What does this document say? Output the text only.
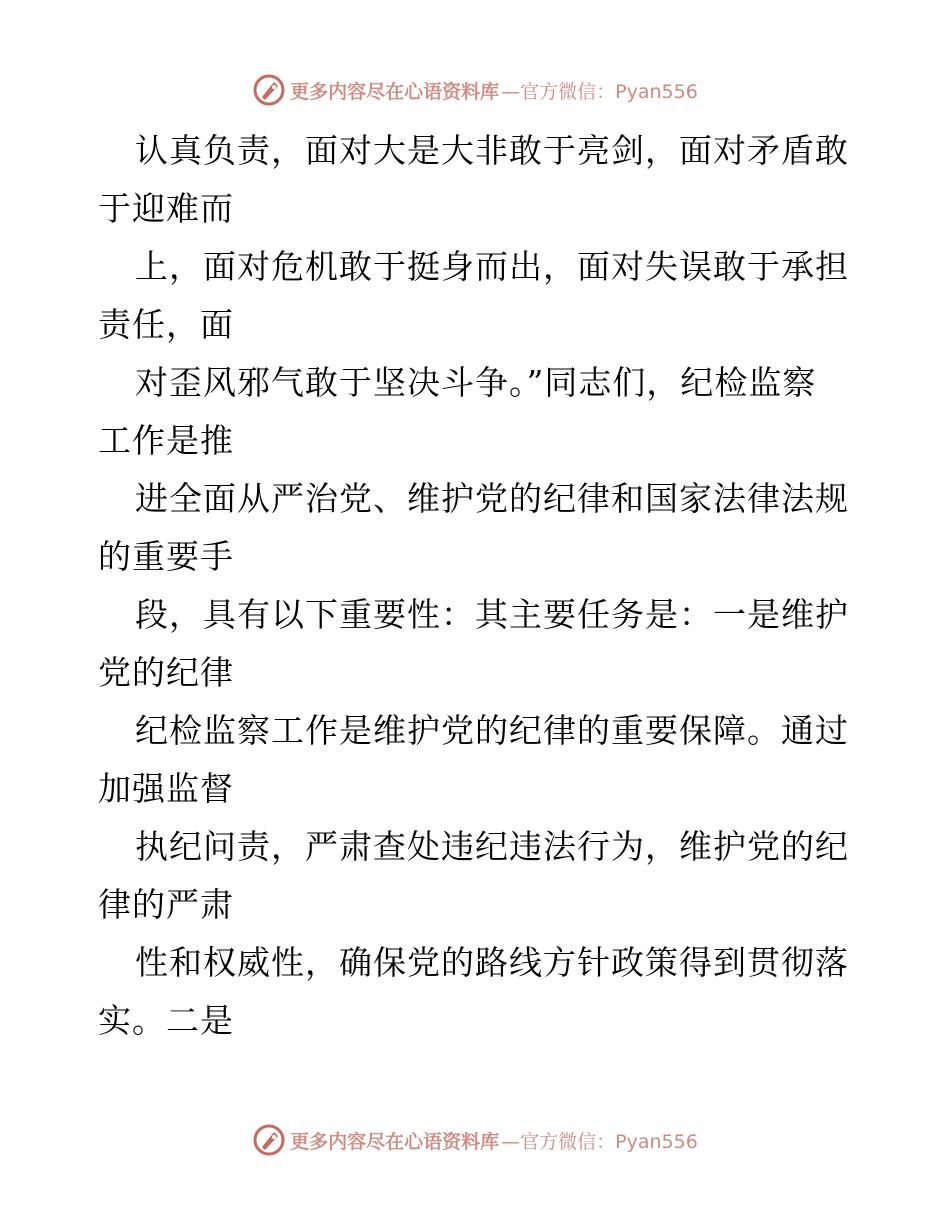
更多内容尽在心语资料库 —官方微信：Pyan556
认真负责，面对大是大非敢于亮剑，面对矛盾敢
于迎难而
上，面对危机敢于挺身而出，面对失误敢于承担
责任，面
对歪风邪气敢于坚决斗争。”同志们，纪检监察
工作是推
进全面从严治党、维护党的纪律和国家法律法规
的重要手
段，具有以下重要性：其主要任务是：一是维护
党的纪律
纪检监察工作是维护党的纪律的重要保障。通过
加强监督
执纪问责，严肃查处违纪违法行为，维护党的纪
律的严肃
性和权威性，确保党的路线方针政策得到贯彻落
实。二是
更多内容尽在心语资料库 —官方微信：Pyan556
